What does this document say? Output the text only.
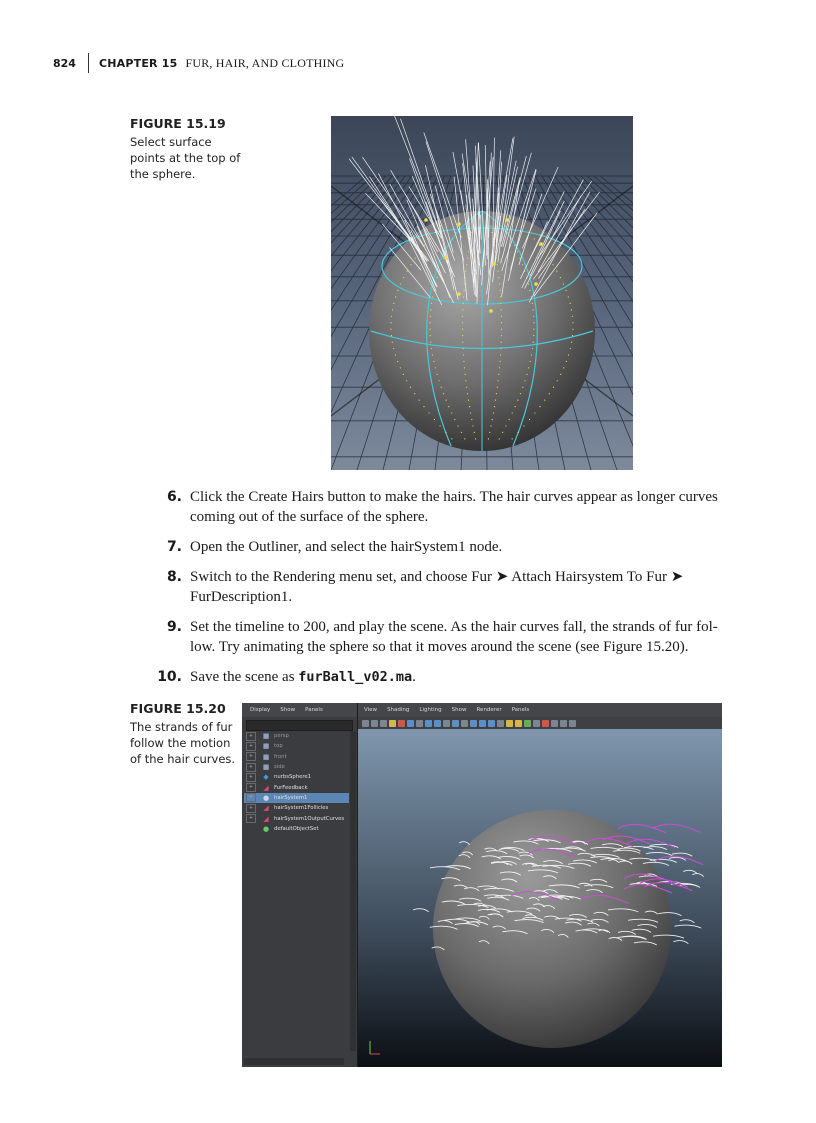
824 CHAPTER 15 FUR, HAIR, AND CLOTHING
FIGURE 15.19
Select surface points at the top of the sphere.
6. Click the Create Hairs button to make the hairs. The hair curves appear as longer curves coming out of the surface of the sphere.
7. Open the Outliner, and select the hairSystem1 node.
8. Switch to the Rendering menu set, and choose Fur ➤ Attach Hairsystem To Fur ➤ FurDescription1.
9. Set the timeline to 200, and play the scene. As the hair curves fall, the strands of fur fol-low. Try animating the sphere so that it moves around the scene (see Figure 15.20).
10. Save the scene as furBall_v02.ma.
FIGURE 15.20
The strands of fur follow the motion of the hair curves.
Display Show Panels
+	■ persp
+	■ top
+	■ front
+	■ side
+	◆ nurbsSphere1
+	◢ FurFeedback
+	● hairSystem1
+	◢ hairSystem1Follicles
+	◢ hairSystem1OutputCurves
● defaultObjectSet
View Shading Lighting Show Renderer Panels
